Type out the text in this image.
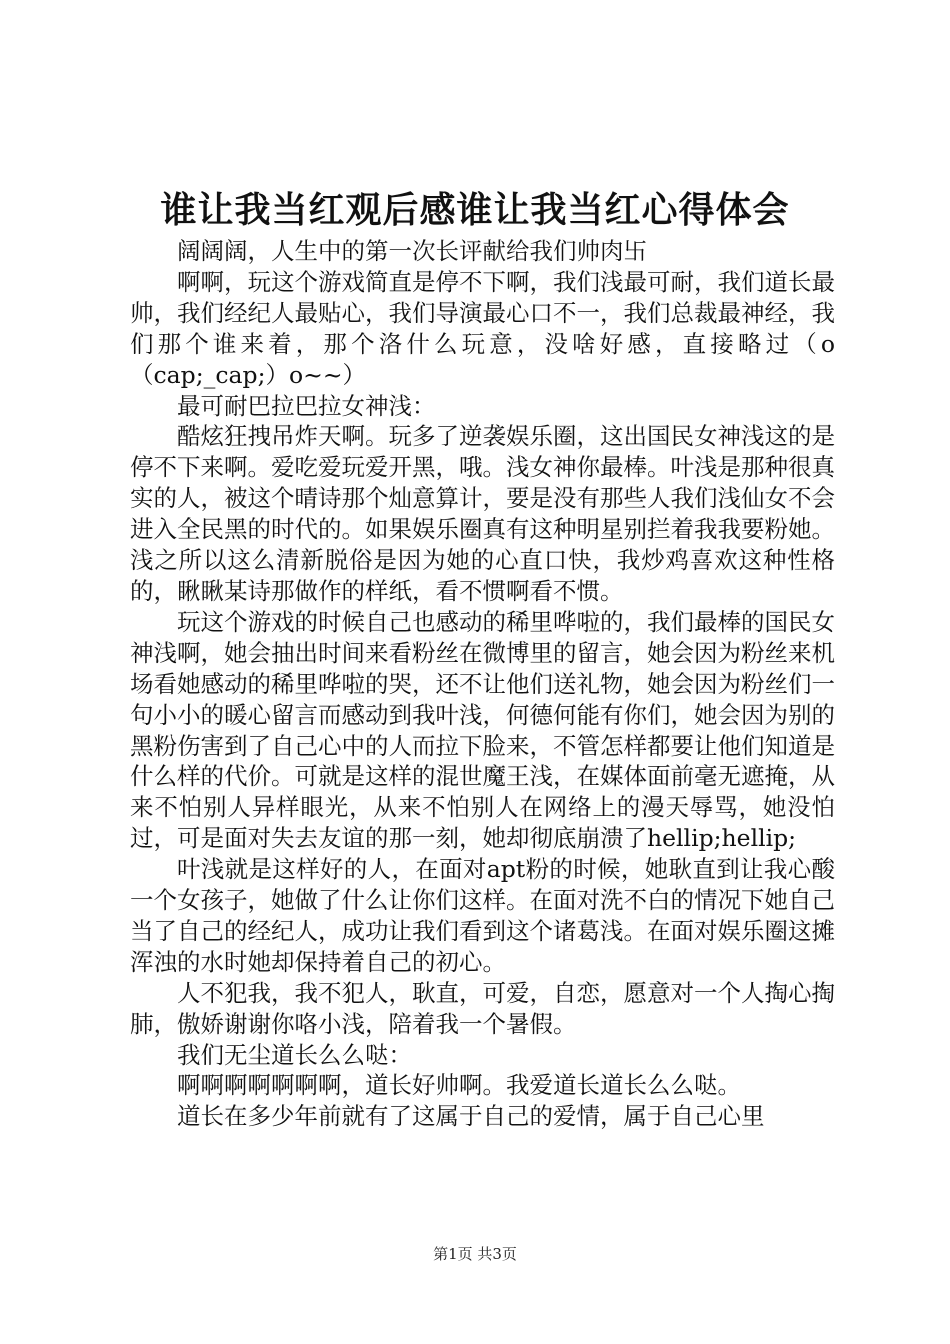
谁让我当红观后感谁让我当红心得体会

阔阔阔，人生中的第一次长评献给我们帅肉卐

啊啊，玩这个游戏简直是停不下啊，我们浅最可耐，我们道长最帅，我们经纪人最贴心，我们导演最心口不一，我们总裁最神经，我们那个谁来着，那个洛什么玩意，没啥好感，直接略过（o（cap;_cap;）o~~）

最可耐巴拉巴拉女神浅：

酷炫狂拽吊炸天啊。玩多了逆袭娱乐圈，这出国民女神浅这的是停不下来啊。爱吃爱玩爱开黑，哦。浅女神你最棒。叶浅是那种很真实的人，被这个晴诗那个灿意算计，要是没有那些人我们浅仙女不会进入全民黑的时代的。如果娱乐圈真有这种明星别拦着我我要粉她。浅之所以这么清新脱俗是因为她的心直口快，我炒鸡喜欢这种性格的，瞅瞅某诗那做作的样纸，看不惯啊看不惯。

玩这个游戏的时候自己也感动的稀里哗啦的，我们最棒的国民女神浅啊，她会抽出时间来看粉丝在微博里的留言，她会因为粉丝来机场看她感动的稀里哗啦的哭，还不让他们送礼物，她会因为粉丝们一句小小的暖心留言而感动到我叶浅，何德何能有你们，她会因为别的黑粉伤害到了自己心中的人而拉下脸来，不管怎样都要让他们知道是什么样的代价。可就是这样的混世魔王浅，在媒体面前毫无遮掩，从来不怕别人异样眼光，从来不怕别人在网络上的漫天辱骂，她没怕过，可是面对失去友谊的那一刻，她却彻底崩溃了hellip;hellip;

叶浅就是这样好的人，在面对apt粉的时候，她耿直到让我心酸一个女孩子，她做了什么让你们这样。在面对洗不白的情况下她自己当了自己的经纪人，成功让我们看到这个诸葛浅。在面对娱乐圈这摊浑浊的水时她却保持着自己的初心。

人不犯我，我不犯人，耿直，可爱，自恋，愿意对一个人掏心掏肺，傲娇谢谢你咯小浅，陪着我一个暑假。

我们无尘道长么么哒：

啊啊啊啊啊啊啊，道长好帅啊。我爱道长道长么么哒。

道长在多少年前就有了这属于自己的爱情，属于自己心里

第1页 共3页
